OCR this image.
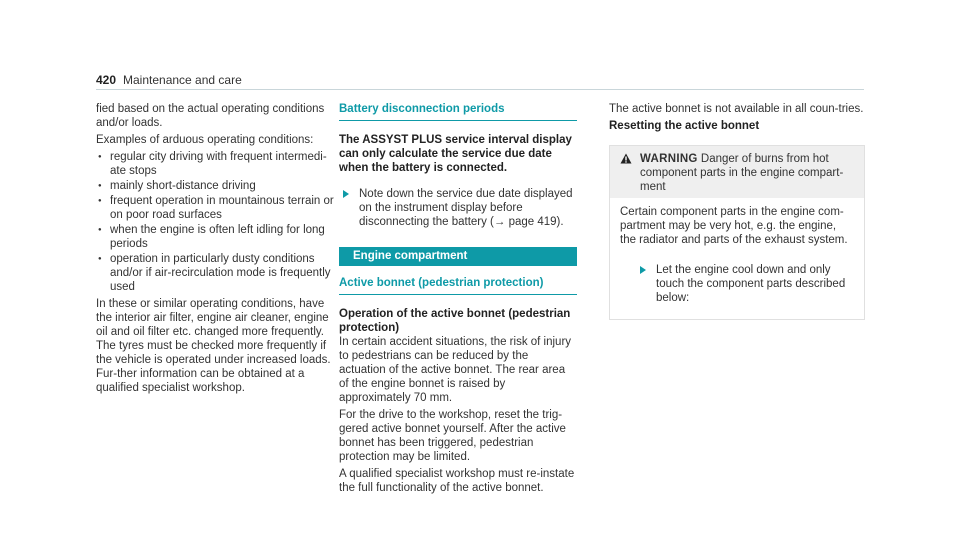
420 Maintenance and care

fied based on the actual operating conditions and/or loads.

Examples of arduous operating conditions:

● regular city driving with frequent intermedi-ate stops
● mainly short-distance driving
● frequent operation in mountainous terrain or on poor road surfaces
● when the engine is often left idling for long periods
● operation in particularly dusty conditions and/or if air-recirculation mode is frequently used

In these or similar operating conditions, have the interior air filter, engine air cleaner, engine oil and oil filter etc. changed more frequently. The tyres must be checked more frequently if the vehicle is operated under increased loads. Fur-ther information can be obtained at a qualified specialist workshop.

Battery disconnection periods
The ASSYST PLUS service interval display can only calculate the service due date when the battery is connected.
Note down the service due date displayed on the instrument display before disconnecting the battery (→ page 419).
Engine compartment
Active bonnet (pedestrian protection)
Operation of the active bonnet (pedestrian protection)

In certain accident situations, the risk of injury to pedestrians can be reduced by the actuation of the active bonnet. The rear area of the engine bonnet is raised by approximately 70 mm.

For the drive to the workshop, reset the trig-gered active bonnet yourself. After the active bonnet has been triggered, pedestrian protection may be limited.

A qualified specialist workshop must re-instate the full functionality of the active bonnet.

The active bonnet is not available in all coun-tries.

Resetting the active bonnet
WARNING Danger of burns from hot component parts in the engine compart-ment

Certain component parts in the engine com-partment may be very hot, e.g. the engine, the radiator and parts of the exhaust system.

Let the engine cool down and only touch the component parts described below:
